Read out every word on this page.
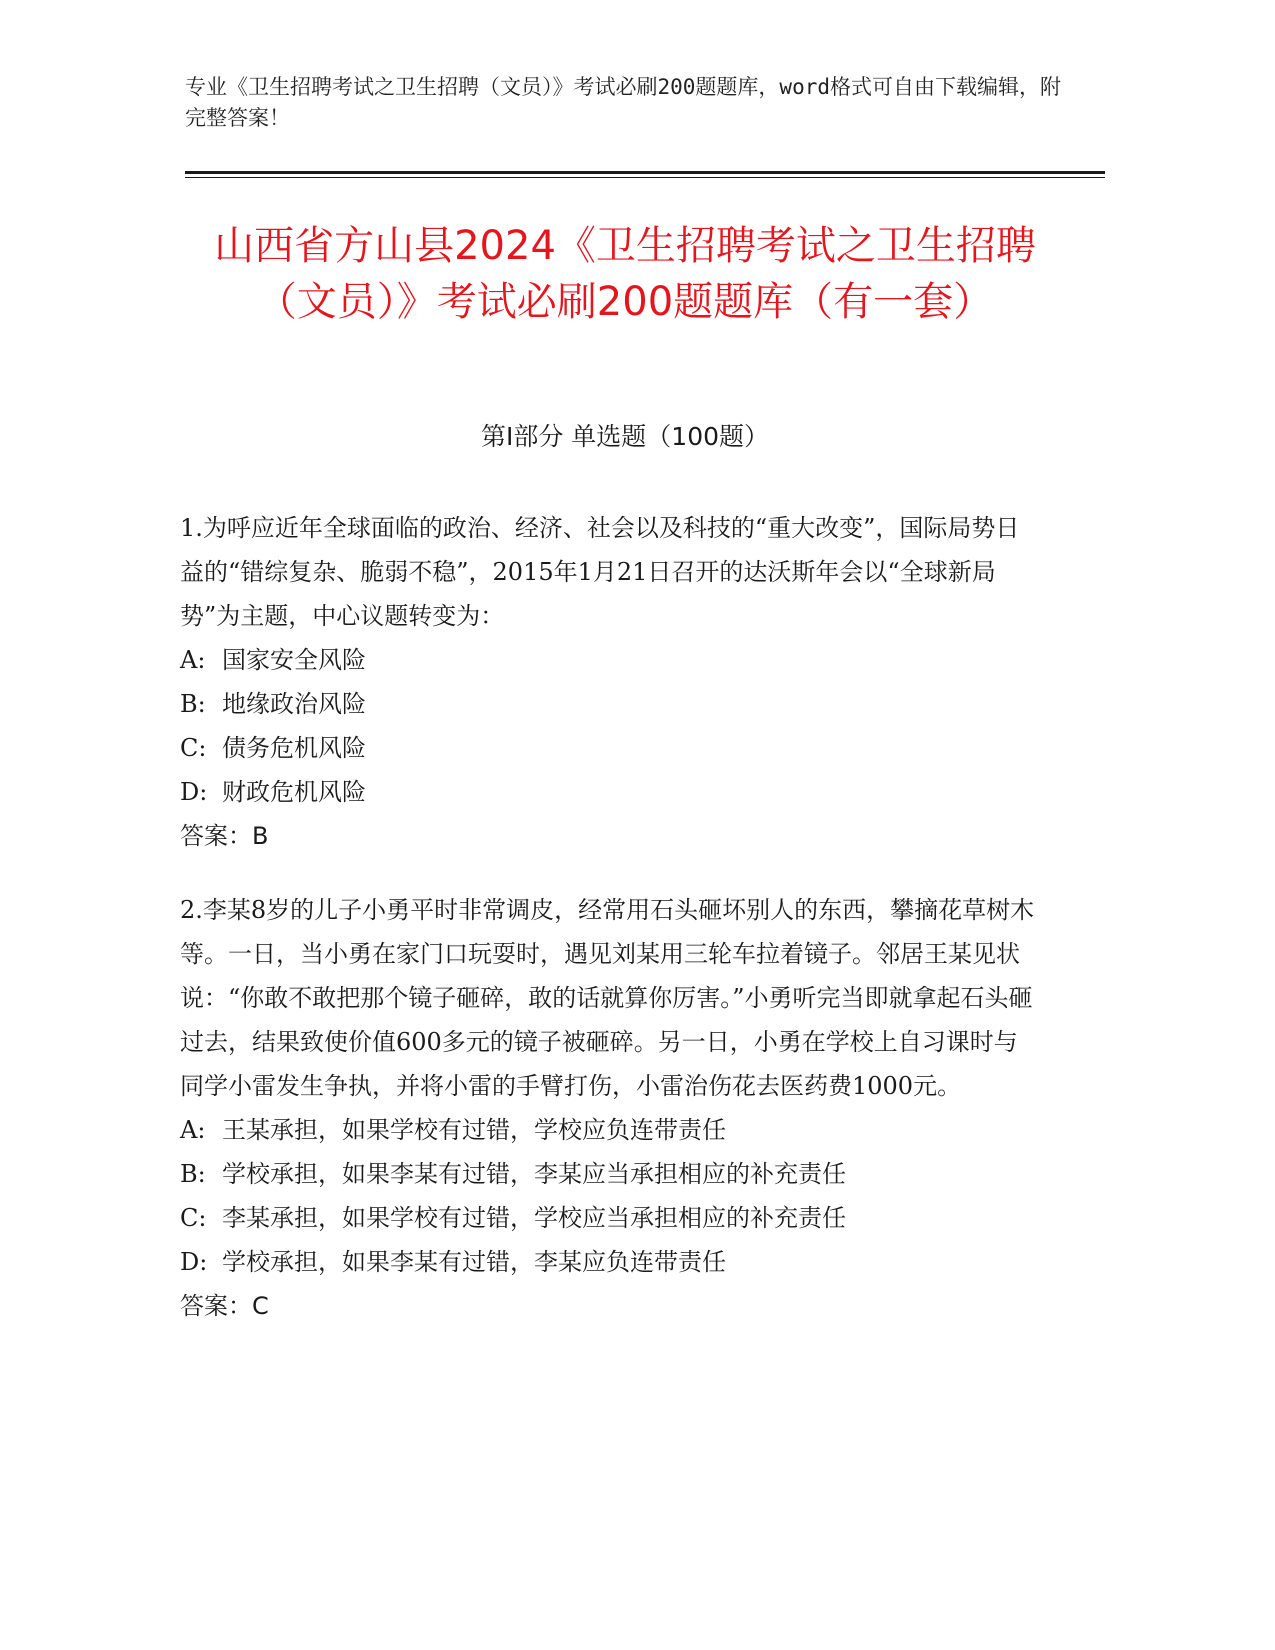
专业《卫生招聘考试之卫生招聘（文员）》考试必刷200题题库，word格式可自由下载编辑，附完整答案！

山西省方山县2024《卫生招聘考试之卫生招聘（文员）》考试必刷200题题库（有一套）
第Ⅰ部分 单选题（100题）

1.为呼应近年全球面临的政治、经济、社会以及科技的“重大改变”，国际局势日益的“错综复杂、脆弱不稳”，2015年1月21日召开的达沃斯年会以“全球新局势”为主题，中心议题转变为：

A: 国家安全风险

B: 地缘政治风险

C: 债务危机风险

D: 财政危机风险

答案：B

2.李某8岁的儿子小勇平时非常调皮，经常用石头砸坏别人的东西，攀摘花草树木等。一日，当小勇在家门口玩耍时，遇见刘某用三轮车拉着镜子。邻居王某见状说：“你敢不敢把那个镜子砸碎，敢的话就算你厉害。”小勇听完当即就拿起石头砸过去，结果致使价值600多元的镜子被砸碎。另一日，小勇在学校上自习课时与同学小雷发生争执，并将小雷的手臂打伤，小雷治伤花去医药费1000元。

A: 王某承担，如果学校有过错，学校应负连带责任

B: 学校承担，如果李某有过错，李某应当承担相应的补充责任

C: 李某承担，如果学校有过错，学校应当承担相应的补充责任

D: 学校承担，如果李某有过错，李某应负连带责任

答案：C
